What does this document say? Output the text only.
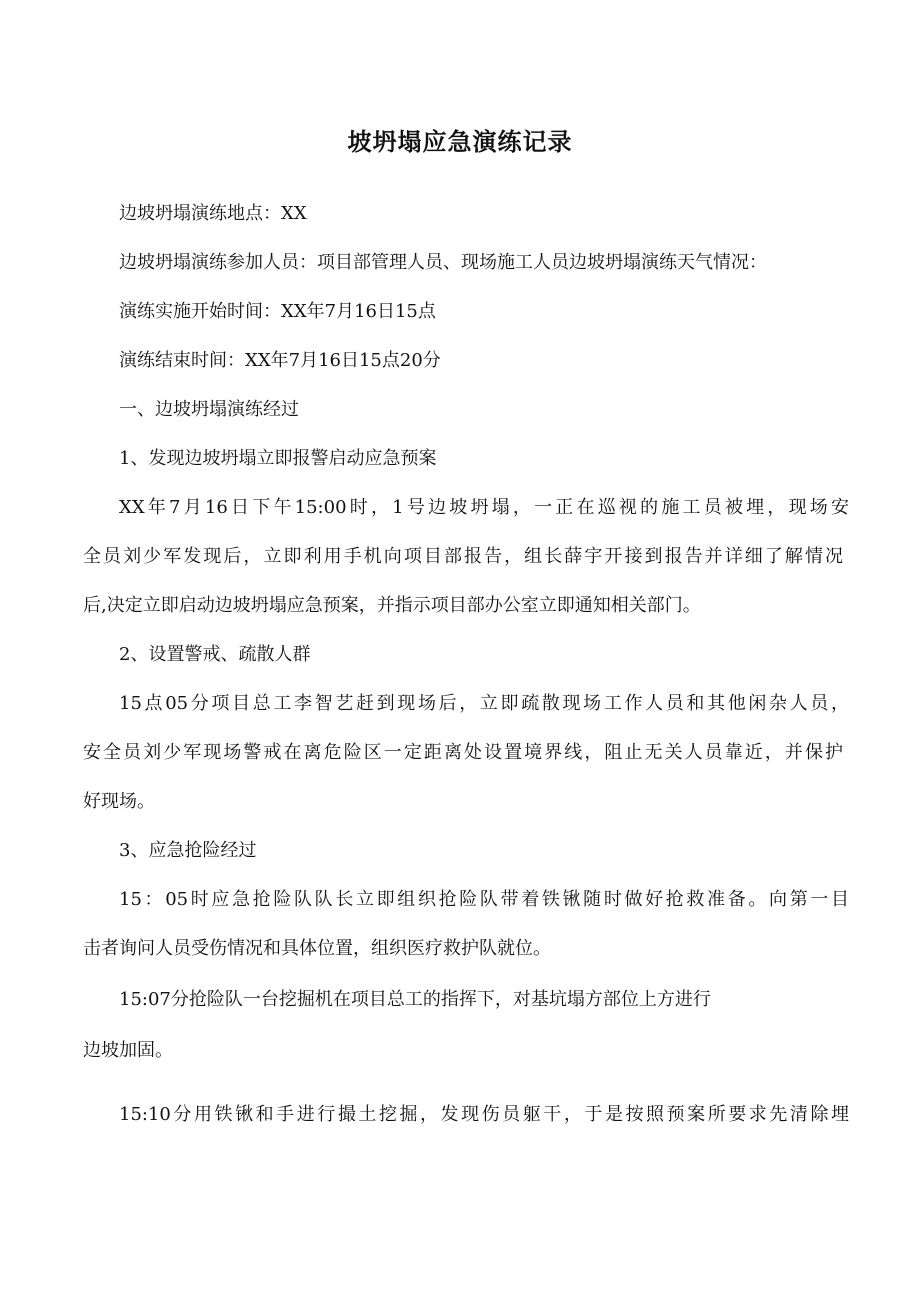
坡坍塌应急演练记录

边坡坍塌演练地点：XX

边坡坍塌演练参加人员：项目部管理人员、现场施工人员边坡坍塌演练天气情况：

演练实施开始时间：XX年7月16日15点

演练结束时间：XX年7月16日15点20分

一、边坡坍塌演练经过

1、发现边坡坍塌立即报警启动应急预案

XX年7月16日下午15:00时，1号边坡坍塌，一正在巡视的施工员被埋，现场安

全员刘少军发现后，立即利用手机向项目部报告，组长薛宇开接到报告并详细了解情况

后,决定立即启动边坡坍塌应急预案，并指示项目部办公室立即通知相关部门。

2、设置警戒、疏散人群

15点05分项目总工李智艺赶到现场后，立即疏散现场工作人员和其他闲杂人员，

安全员刘少军现场警戒在离危险区一定距离处设置境界线，阻止无关人员靠近，并保护

好现场。

3、应急抢险经过

15：05时应急抢险队队长立即组织抢险队带着铁锹随时做好抢救准备。向第一目

击者询问人员受伤情况和具体位置，组织医疗救护队就位。

15:07分抢险队一台挖掘机在项目总工的指挥下，对基坑塌方部位上方进行

边坡加固。

15:10分用铁锹和手进行撮土挖掘，发现伤员躯干，于是按照预案所要求先清除埋
